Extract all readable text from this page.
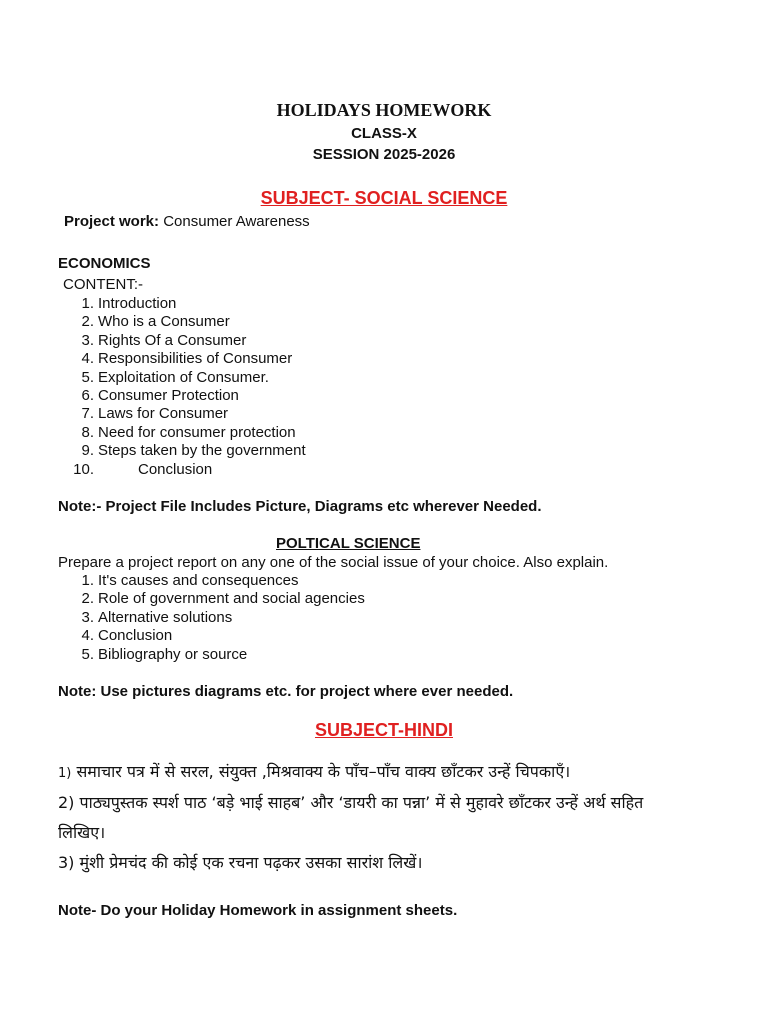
HOLIDAYS HOMEWORK
CLASS-X
SESSION 2025-2026
SUBJECT- SOCIAL SCIENCE
Project work: Consumer Awareness
ECONOMICS
CONTENT:-
1. Introduction
2. Who is a Consumer
3. Rights Of a Consumer
4. Responsibilities of Consumer
5. Exploitation of Consumer.
6. Consumer Protection
7. Laws for Consumer
8. Need for consumer protection
9. Steps taken by the government
10.	Conclusion
Note:- Project File Includes Picture, Diagrams etc wherever Needed.
POLTICAL SCIENCE
Prepare a project report on any one of the social issue of your choice. Also explain.
1. It's causes and consequences
2. Role of government and social agencies
3. Alternative solutions
4. Conclusion
5. Bibliography or source
Note: Use pictures diagrams etc. for project where ever needed.
SUBJECT-HINDI
1) समाचार पत्र में से सरल, संयुक्त ,मिश्रवाक्य के पाँच–पाँच वाक्य छाँटकर उन्हें चिपकाएँ।
2) पाठ्यपुस्तक स्पर्श पाठ ‘बड़े भाई साहब’ और ‘डायरी का पन्ना’ में से मुहावरे छाँटकर उन्हें अर्थ सहित
लिखिए।
3) मुंशी प्रेमचंद की कोई एक रचना पढ़कर उसका सारांश लिखें।
Note- Do your Holiday Homework in assignment sheets.
